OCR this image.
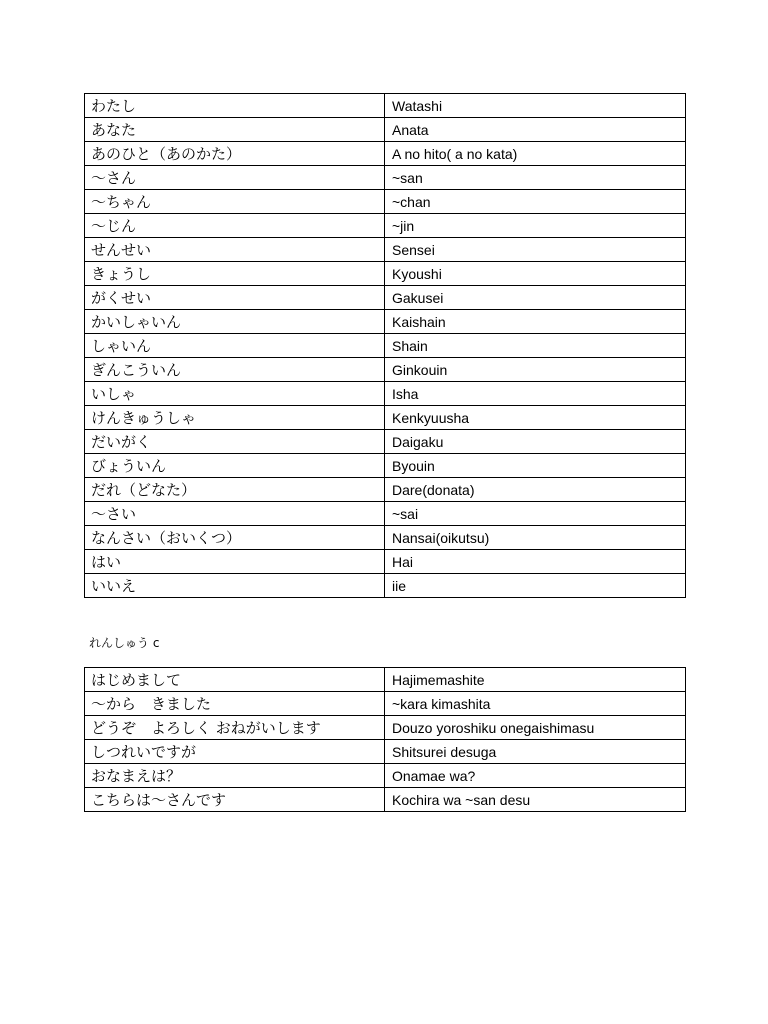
わたし	Watashi
あなた	Anata
あのひと（あのかた）	A no hito( a no kata)
～さん	~san
～ちゃん	~chan
～じん	~jin
せんせい	Sensei
きょうし	Kyoushi
がくせい	Gakusei
かいしゃいん	Kaishain
しゃいん	Shain
ぎんこういん	Ginkouin
いしゃ	Isha
けんきゅうしゃ	Kenkyuusha
だいがく	Daigaku
びょういん	Byouin
だれ（どなた）	Dare(donata)
～さい	~sai
なんさい（おいくつ）	Nansai(oikutsu)
はい	Hai
いいえ	iie
れんしゅう c
はじめまして	Hajimemashite
～から　きました	~kara kimashita
どうぞ　よろしく おねがいします	Douzo yoroshiku onegaishimasu
しつれいですが	Shitsurei desuga
おなまえは？	Onamae wa?
こちらは～さんです	Kochira wa ~san desu
